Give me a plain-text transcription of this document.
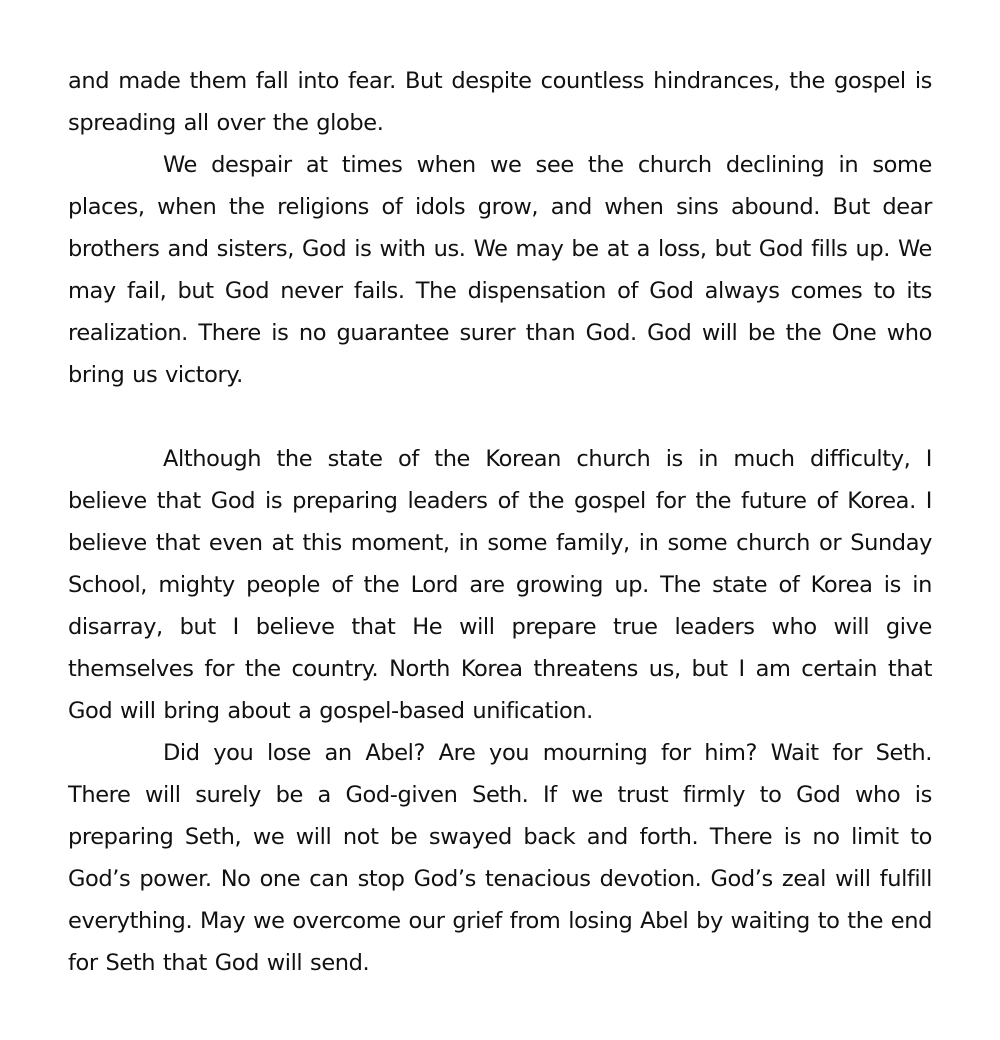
and made them fall into fear. But despite countless hindrances, the gospel is spreading all over the globe.

We despair at times when we see the church declining in some places, when the religions of idols grow, and when sins abound. But dear brothers and sisters, God is with us. We may be at a loss, but God fills up. We may fail, but God never fails. The dispensation of God always comes to its realization. There is no guarantee surer than God. God will be the One who bring us victory.

Although the state of the Korean church is in much difficulty, I believe that God is preparing leaders of the gospel for the future of Korea. I believe that even at this moment, in some family, in some church or Sunday School, mighty people of the Lord are growing up. The state of Korea is in disarray, but I believe that He will prepare true leaders who will give themselves for the country. North Korea threatens us, but I am certain that God will bring about a gospel-based unification.

Did you lose an Abel? Are you mourning for him? Wait for Seth. There will surely be a God-given Seth. If we trust firmly to God who is preparing Seth, we will not be swayed back and forth. There is no limit to God’s power. No one can stop God’s tenacious devotion. God’s zeal will fulfill everything. May we overcome our grief from losing Abel by waiting to the end for Seth that God will send.
